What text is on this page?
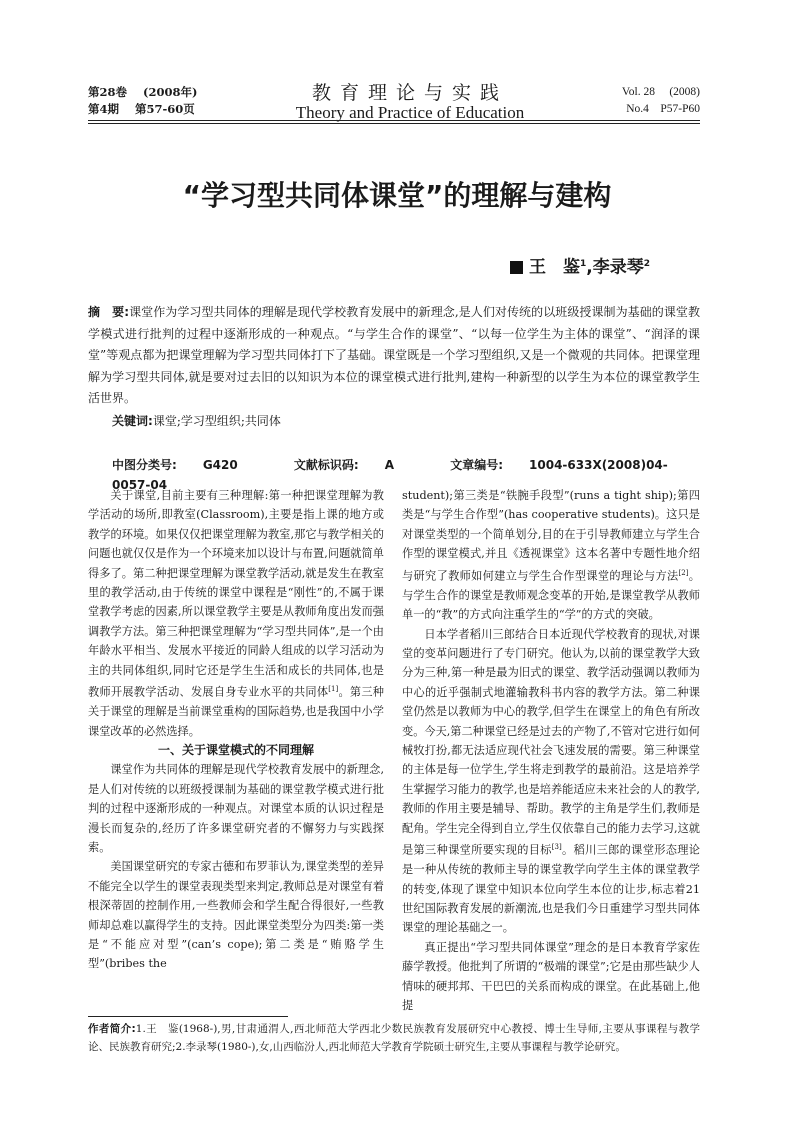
第28卷 (2008年)
第4期 第57-60页
教育理论与实践
Theory and Practice of Education
Vol. 28 (2008)
No.4 P57-P60
“学习型共同体课堂”的理解与建构
王　鉴$^1$,李录琴$^2$
摘　要:课堂作为学习型共同体的理解是现代学校教育发展中的新理念,是人们对传统的以班级授课制为基础的课堂教学模式进行批判的过程中逐渐形成的一种观点。“与学生合作的课堂”、“以每一位学生为主体的课堂”、“润泽的课堂”等观点都为把课堂理解为学习型共同体打下了基础。课堂既是一个学习型组织,又是一个微观的共同体。把课堂理解为学习型共同体,就是要对过去旧的以知识为本位的课堂模式进行批判,建构一种新型的以学生为本位的课堂教学生活世界。
关键词:课堂;学习型组织;共同体
中图分类号: G420	文献标识码: A	文章编号: 1004-633X(2008)04-0057-04

关于课堂,目前主要有三种理解:第一种把课堂理解为教学活动的场所,即教室(Classroom),主要是指上课的地方或教学的环境。如果仅仅把课堂理解为教室,那它与教学相关的问题也就仅仅是作为一个环境来加以设计与布置,问题就简单得多了。第二种把课堂理解为课堂教学活动,就是发生在教室里的教学活动,由于传统的课堂中课程是“刚性”的,不属于课堂教学考虑的因素,所以课堂教学主要是从教师角度出发而强调教学方法。第三种把课堂理解为“学习型共同体”,是一个由年龄水平相当、发展水平接近的同龄人组成的以学习活动为主的共同体组织,同时它还是学生生活和成长的共同体,也是教师开展教学活动、发展自身专业水平的共同体[1]。第三种关于课堂的理解是当前课堂重构的国际趋势,也是我国中小学课堂改革的必然选择。

一、关于课堂模式的不同理解

课堂作为共同体的理解是现代学校教育发展中的新理念,是人们对传统的以班级授课制为基础的课堂教学模式进行批判的过程中逐渐形成的一种观点。对课堂本质的认识过程是漫长而复杂的,经历了许多课堂研究者的不懈努力与实践探索。

美国课堂研究的专家古德和布罗菲认为,课堂类型的差异不能完全以学生的课堂表现类型来判定,教师总是对课堂有着根深蒂固的控制作用,一些教师会和学生配合得很好,一些教师却总难以赢得学生的支持。因此课堂类型分为四类:第一类是“不能应对型”(can’s cope);第二类是“贿赂学生型”(bribes the

student);第三类是“铁腕手段型”(runs a tight ship);第四类是“与学生合作型”(has cooperative students)。这只是对课堂类型的一个简单划分,目的在于引导教师建立与学生合作型的课堂模式,并且《透视课堂》这本名著中专题性地介绍与研究了教师如何建立与学生合作型课堂的理论与方法[2]。与学生合作的课堂是教师观念变革的开始,是课堂教学从教师单一的“教”的方式向注重学生的“学”的方式的突破。

日本学者稻川三郎结合日本近现代学校教育的现状,对课堂的变革问题进行了专门研究。他认为,以前的课堂教学大致分为三种,第一种是最为旧式的课堂、教学活动强调以教师为中心的近乎强制式地灌输教科书内容的教学方法。第二种课堂仍然是以教师为中心的教学,但学生在课堂上的角色有所改变。今天,第二种课堂已经是过去的产物了,不管对它进行如何械牧打扮,都无法适应现代社会飞速发展的需要。第三种课堂的主体是每一位学生,学生将走到教学的最前沿。这是培养学生掌握学习能力的教学,也是培养能适应未来社会的人的教学,教师的作用主要是辅导、帮助。教学的主角是学生们,教师是配角。学生完全得到自立,学生仅依靠自己的能力去学习,这就是第三种课堂所要实现的目标[3]。稻川三郎的课堂形态理论是一种从传统的教师主导的课堂教学向学生主体的课堂教学的转变,体现了课堂中知识本位向学生本位的让步,标志着21世纪国际教育发展的新潮流,也是我们今日重建学习型共同体课堂的理论基础之一。

真正提出“学习型共同体课堂”理念的是日本教育学家佐藤学教授。他批判了所谓的“极端的课堂”;它是由那些缺少人情味的硬邦邦、干巴巴的关系而构成的课堂。在此基础上,他提

作者简介:1.王　鉴(1968-),男,甘肃通渭人,西北师范大学西北少数民族教育发展研究中心教授、博士生导师,主要从事课程与教学论、民族教育研究;2.李录琴(1980-),女,山西临汾人,西北师范大学教育学院硕士研究生,主要从事课程与教学论研究。
